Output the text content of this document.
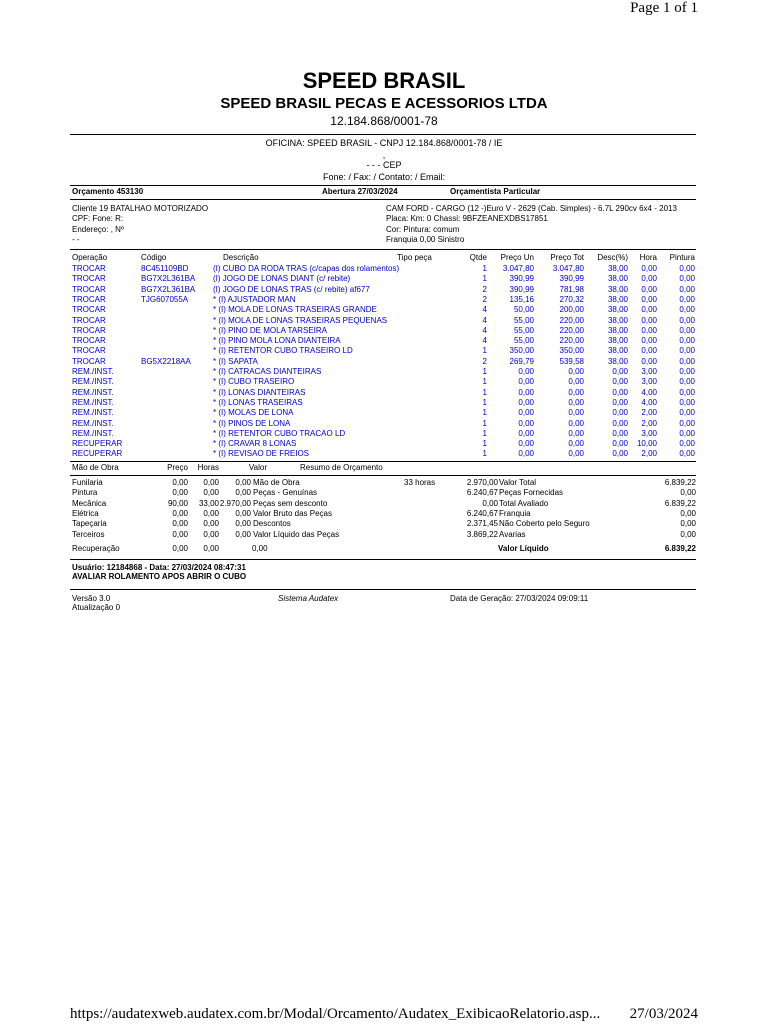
Page 1 of 1
SPEED BRASIL
SPEED BRASIL PECAS E ACESSORIOS LTDA
12.184.868/0001-78
OFICINA: SPEED BRASIL - CNPJ 12.184.868/0001-78 / IE
,
- - - CEP
Fone: / Fax: / Contato: / Email:
Orçamento 453130	Abertura 27/03/2024	Orçamentista Particular
Cliente 19 BATALHAO MOTORIZADO
CPF: Fone: R:
Endereço: , Nº
- -
CAM FORD - CARGO (12 -)Euro V - 2629 (Cab. Simples) - 6.7L 290cv 6x4 - 2013
Placa: Km: 0 Chassi: 9BFZEANEXDBS17851
Cor: Pintura: comum
Franquia 0,00 Sinistro
Operação	Código	Descrição	Tipo peça	Qtde Preço Un Preço Tot Desc(%) Hora Pintura
TROCAR	8C451109BD	(I) CUBO DA RODA TRAS (c/capas dos rolamentos)	1 3.047,80 3.047,80	38,00 0,00	0,00
TROCAR	BG7X2L361BA (I) JOGO DE LONAS DIANT (c/ rebite)	1	390,99	390,99	38,00 0,00	0,00
TROCAR	BG7X2L361BA (I) JOGO DE LONAS TRAS (c/ rebite) af677	2	390,99	781,98	38,00 0,00	0,00
TROCAR	TJG607055A	* (I) AJUSTADOR MAN	2	135,16	270,32	38,00 0,00	0,00
TROCAR	* (I) MOLA DE LONAS TRASEIRAS GRANDE	4	50,00	200,00	38,00 0,00	0,00
TROCAR	* (I) MOLA DE LONAS TRASEIRAS PEQUENAS	4	55,00	220,00	38,00 0,00	0,00
TROCAR	* (I) PINO DE MOLA TARSEIRA	4	55,00	220,00	38,00 0,00	0,00
TROCAR	* (I) PINO MOLA LONA DIANTEIRA	4	55,00	220,00	38,00 0,00	0,00
TROCAR	* (I) RETENTOR CUBO TRASEIRO LD	1	350,00	350,00	38,00 0,00	0,00
TROCAR	BG5X2218AA	* (I) SAPATA	2	269,79	539,58	38,00 0,00	0,00
REM./INST.	* (I) CATRACAS DIANTEIRAS	1	0,00	0,00	0,00 3,00	0,00
REM./INST.	* (I) CUBO TRASEIRO	1	0,00	0,00	0,00 3,00	0,00
REM./INST.	* (I) LONAS DIANTEIRAS	1	0,00	0,00	0,00 4,00	0,00
REM./INST.	* (I) LONAS TRASEIRAS	1	0,00	0,00	0,00 4,00	0,00
REM./INST.	* (I) MOLAS DE LONA	1	0,00	0,00	0,00 2,00	0,00
REM./INST.	* (I) PINOS DE LONA	1	0,00	0,00	0,00 2,00	0,00
REM./INST.	* (I) RETENTOR CUBO TRACAO LD	1	0,00	0,00	0,00 3,00	0,00
RECUPERAR	* (I) CRAVAR 8 LONAS	1	0,00	0,00	0,00 10,00	0,00
RECUPERAR	* (I) REVISAO DE FREIOS	1	0,00	0,00	0,00 2,00	0,00
Mão de Obra	Preço Horas	Valor	Resumo de Orçamento
Funilaria	0,00 0,00 0,00 Mão de Obra	33 horas	2.970,00 Valor Total	6.839,22
Pintura	0,00 0,00 0,00 Peças - Genuínas	6.240,67 Peças Fornecidas	0,00
Mecânica	90,00 33,00 2.970,00 Peças sem desconto	0,00 Total Avaliado	6.839,22
Elétrica	0,00 0,00 0,00 Valor Bruto das Peças	6.240,67 Franquia	0,00
Tapeçaria	0,00 0,00 0,00 Descontos	2.371,45 Não Coberto pelo Seguro	0,00
Terceiros	0,00 0,00 0,00 Valor Líquido das Peças	3.869,22 Avarias	0,00
Recuperação	0,00 0,00	0,00	Valor Líquido	6.839,22
Usuário: 12184868 - Data: 27/03/2024 08:47:31
AVALIAR ROLAMENTO APOS ABRIR O CUBO
Versão 3.0
Atualização 0
Sistema Audatex	Data de Geração: 27/03/2024 09:09:11
https://audatexweb.audatex.com.br/Modal/Orcamento/Audatex_ExibicaoRelatorio.asp... 27/03/2024
